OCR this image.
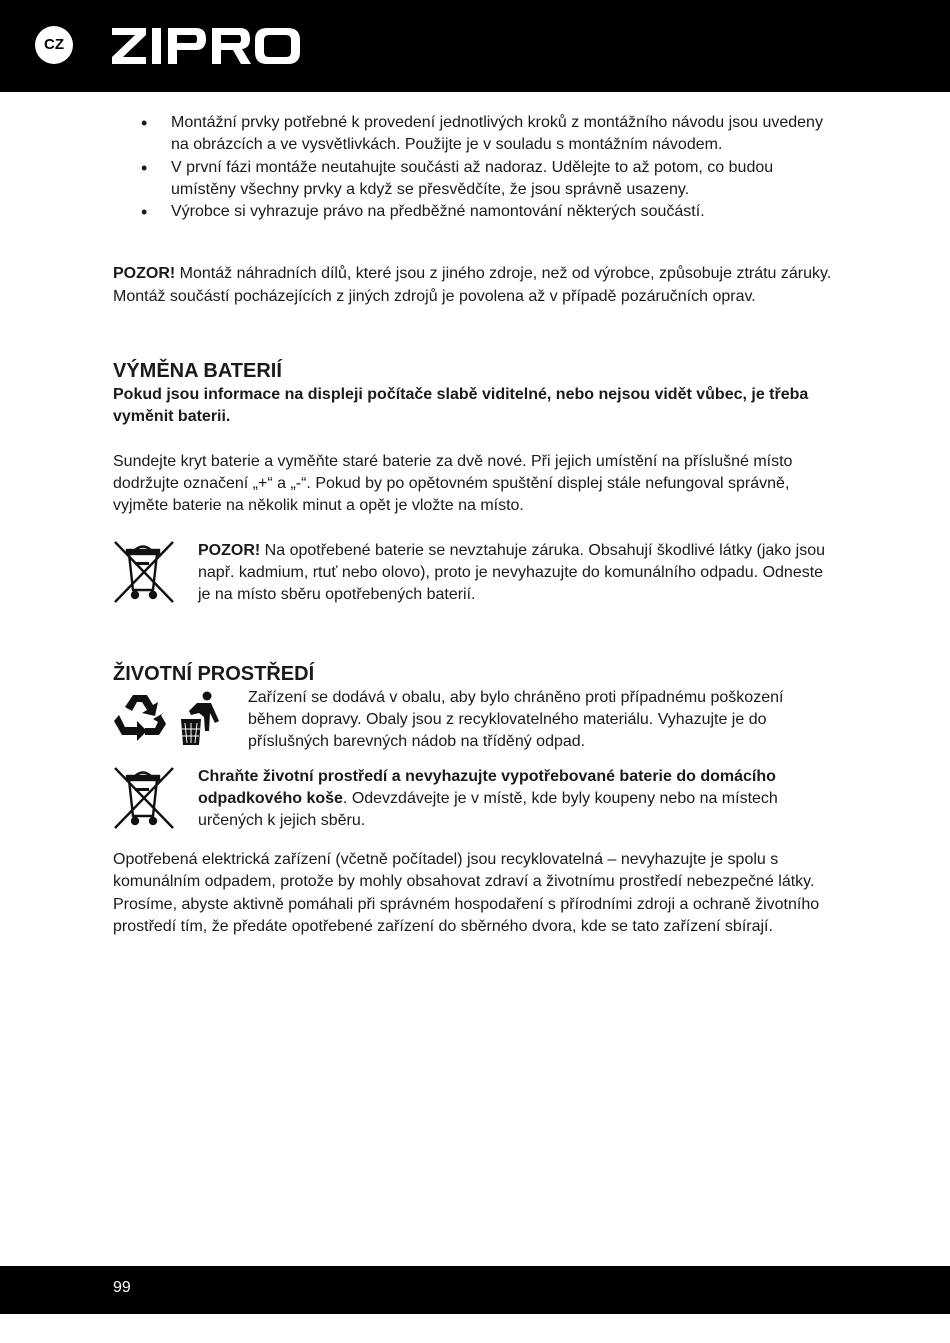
CZ
• Montážní prvky potřebné k provedení jednotlivých kroků z montážního návodu jsou uvedeny na obrázcích a ve vysvětlivkách. Použijte je v souladu s montážním návodem.
• V první fázi montáže neutahujte součásti až nadoraz. Udělejte to až potom, co budou umístěny všechny prvky a když se přesvědčíte, že jsou správně usazeny.
• Výrobce si vyhrazuje právo na předběžné namontování některých součástí.

POZOR! Montáž náhradních dílů, které jsou z jiného zdroje, než od výrobce, způsobuje ztrátu záruky. Montáž součástí pocházejících z jiných zdrojů je povolena až v případě pozáručních oprav.

VÝMĚNA BATERIÍ

Pokud jsou informace na displeji počítače slabě viditelné, nebo nejsou vidět vůbec, je třeba vyměnit baterii.

Sundejte kryt baterie a vyměňte staré baterie za dvě nové. Při jejich umístění na příslušné místo dodržujte označení „+“ a „-“. Pokud by po opětovném spuštění displej stále nefungoval správně, vyjměte baterie na několik minut a opět je vložte na místo.

POZOR! Na opotřebené baterie se nevztahuje záruka. Obsahují škodlivé látky (jako jsou např. kadmium, rtuť nebo olovo), proto je nevyhazujte do komunálního odpadu. Odneste je na místo sběru opotřebených baterií.

ŽIVOTNÍ PROSTŘEDÍ

Zařízení se dodává v obalu, aby bylo chráněno proti případnému poškození během dopravy. Obaly jsou z recyklovatelného materiálu. Vyhazujte je do příslušných barevných nádob na tříděný odpad.

Chraňte životní prostředí a nevyhazujte vypotřebované baterie do domácího odpadkového koše. Odevzdávejte je v místě, kde byly koupeny nebo na místech určených k jejich sběru.

Opotřebená elektrická zařízení (včetně počítadel) jsou recyklovatelná – nevyhazujte je spolu s komunálním odpadem, protože by mohly obsahovat zdraví a životnímu prostředí nebezpečné látky. Prosíme, abyste aktivně pomáhali při správném hospodaření s přírodními zdroji a ochraně životního prostředí tím, že předáte opotřebené zařízení do sběrného dvora, kde se tato zařízení sbírají.

99
